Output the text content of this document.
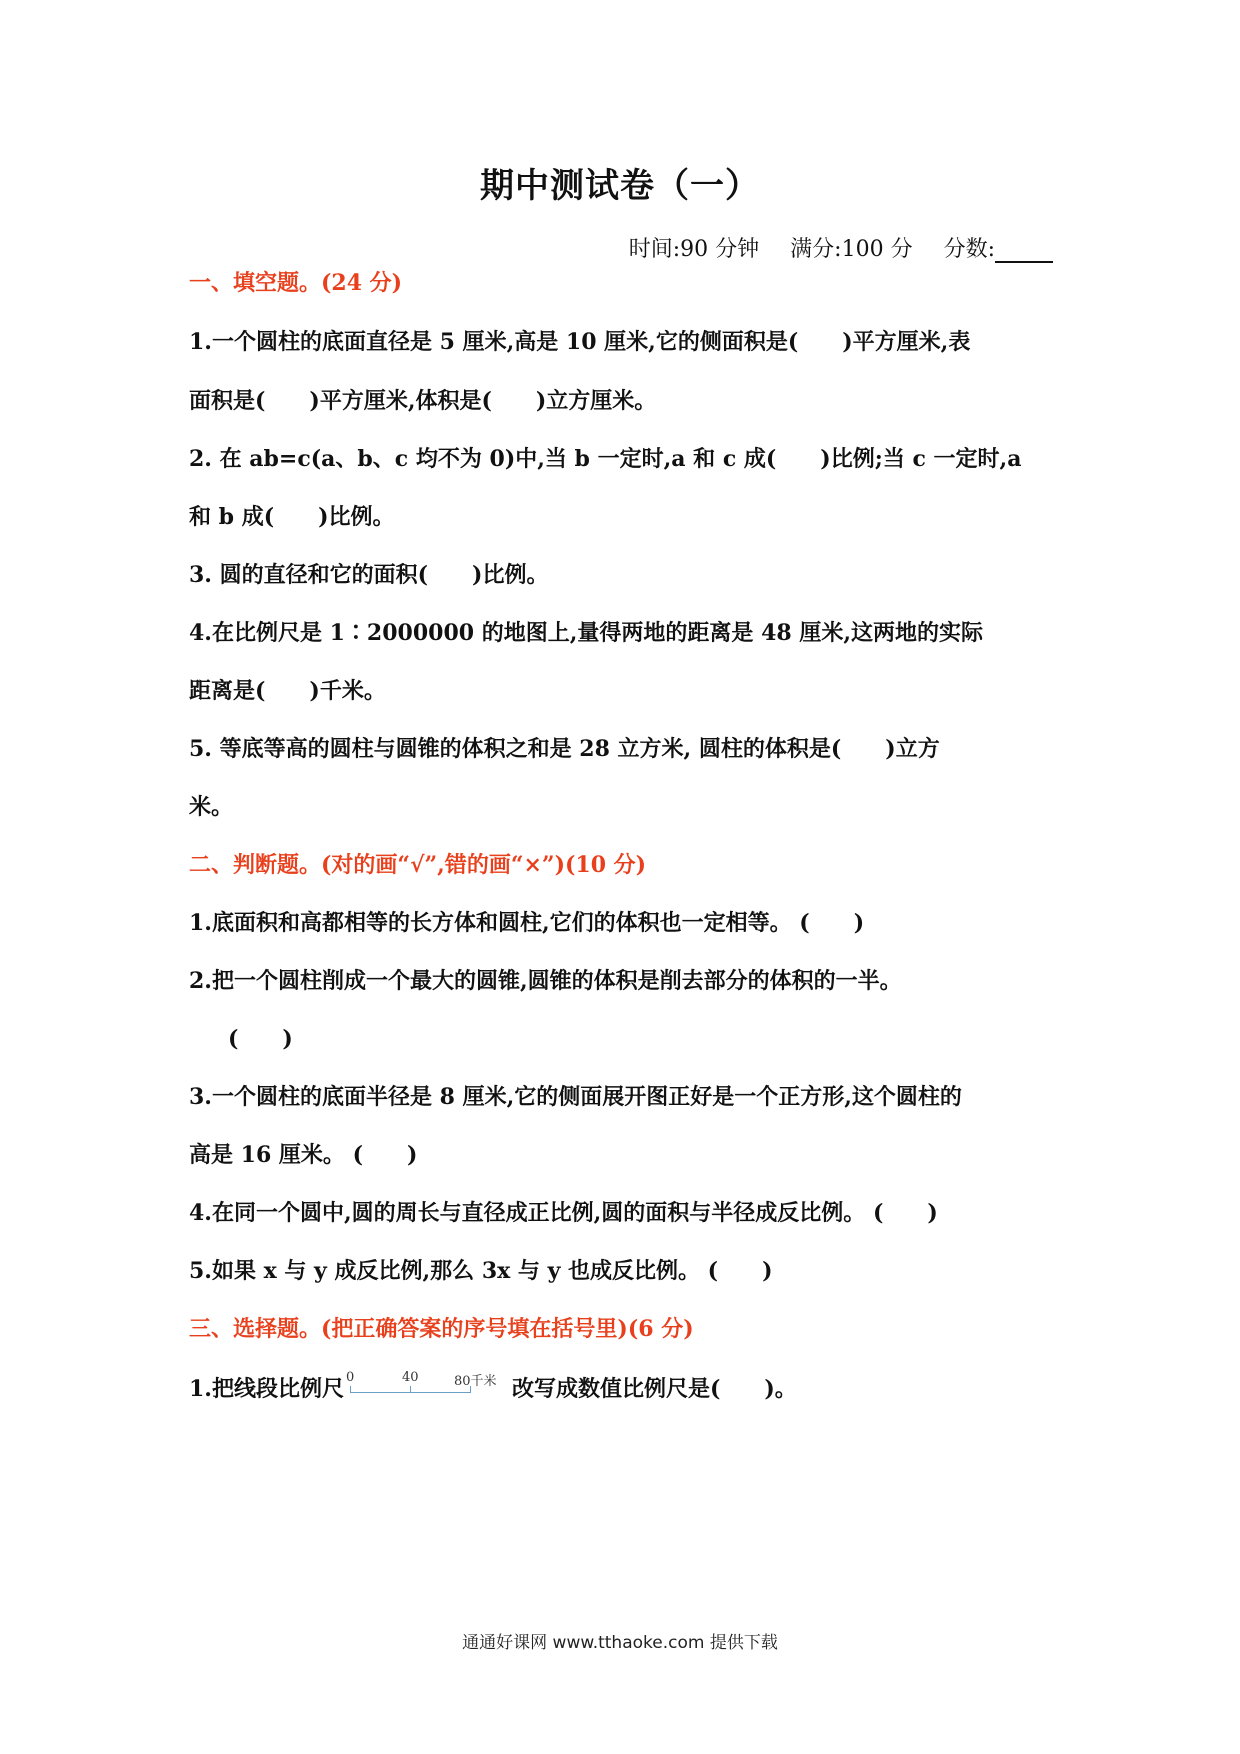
期中测试卷（一）
时间:90 分钟 满分:100 分 分数:
一、填空题。(24 分)
1.一个圆柱的底面直径是 5 厘米,高是 10 厘米,它的侧面积是(　　)平方厘米,表
面积是(　　)平方厘米,体积是(　　)立方厘米。
2. 在 ab=c(a、b、c 均不为 0)中,当 b 一定时,a 和 c 成(　　)比例;当 c 一定时,a
和 b 成(　　)比例。
3. 圆的直径和它的面积(　　)比例。
4.在比例尺是 1∶2000000 的地图上,量得两地的距离是 48 厘米,这两地的实际
距离是(　　)千米。
5. 等底等高的圆柱与圆锥的体积之和是 28 立方米, 圆柱的体积是(　　)立方
米。
二、判断题。(对的画“√”,错的画“×”)(10 分)
1.底面积和高都相等的长方体和圆柱,它们的体积也一定相等。 (　　)
2.把一个圆柱削成一个最大的圆锥,圆锥的体积是削去部分的体积的一半。
(　　)
3.一个圆柱的底面半径是 8 厘米,它的侧面展开图正好是一个正方形,这个圆柱的
高是 16 厘米。 (　　)
4.在同一个圆中,圆的周长与直径成正比例,圆的面积与半径成反比例。 (　　)
5.如果 x 与 y 成反比例,那么 3x 与 y 也成反比例。 (　　)
三、选择题。(把正确答案的序号填在括号里)(6 分)
1.把线段比例尺 0	40	80千米 改写成数值比例尺是(　　)。
通通好课网 www.tthaoke.com 提供下载
